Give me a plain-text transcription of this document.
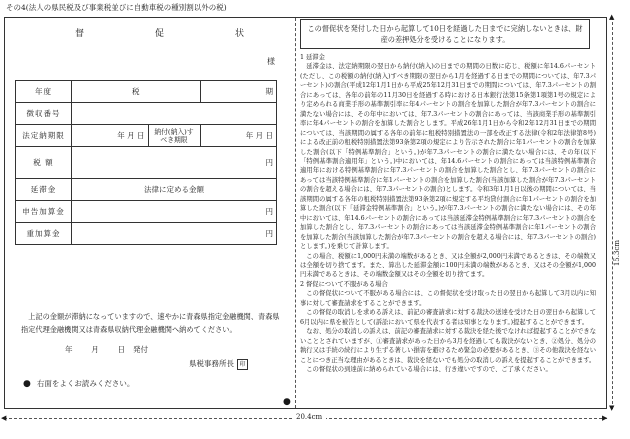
その4(法人の県民税及び事業税並びに自動車税の種別割以外の税)
督	促	状
様
年度	税		期
徴収番号			
法定納期限	年 月 日	納付(納入)すべき期限	年 月 日
税 額	円		
延滞金	法律に定める金額		
申告加算金	円		
重加算金	円		
上記の金額が滞納になっていますので、速やかに青森県指定金融機関、青森県指定代理金融機関又は青森県収納代理金融機関へ納めてください。
年	月	日 発付
県税事務所長 印
● 右面をよくお読みください。
この督促状を発付した日から起算して10日を経過した日までに完納しないときは、財産の差押処分を受けることになります。

1 延滞金

延滞金は、法定納期限の翌日から納付(納入)の日までの期間の日数に応じ、税額に年14.6パーセント(ただし、この税額の納付(納入)すべき期限の翌日から1月を経過する日までの期間については、年7.3パーセント)の割合(平成12年1月1日から平成25年12月31日までの期間については、年7.3パーセントの割合にあっては、各年の前年の11月30日を経過する時における日本銀行法第15条第1項第1号の規定により定められる商業手形の基準割引率に年4パーセントの割合を加算した割合が年7.3パーセントの割合に満たない場合には、その年中においては、年7.3パーセントの割合にあっては、当該商業手形の基準割引率に年4パーセントの割合を加算した割合とします。平成26年1月1日から令和2年12月31日までの期間については、当該期間の属する各年の前年に租税特別措置法の一部を改正する法律(令和2年法律第8号)による改正前の租税特別措置法第93条第2項の規定により告示された割合に年1パーセントの割合を加算した割合(以下「特例基準割合」という。)が年7.3パーセントの割合に満たない場合には、その年(以下「特例基準割合適用年」という。)中においては、年14.6パーセントの割合にあっては当該特例基準割合適用年における特例基準割合に年7.3パーセントの割合を加算した割合とし、年7.3パーセントの割合にあっては当該特例基準割合に年1パーセントの割合を加算した割合(当該加算した割合が年7.3パーセントの割合を超える場合には、年7.3パーセントの割合)とします。令和3年1月1日以後の期間については、当該期間の属する各年の租税特別措置法第93条第2項に規定する平均貸付割合に年1パーセントの割合を加算した割合(以下「延滞金特例基準割合」という。)が年7.3パーセントの割合に満たない場合には、その年中においては、年14.6パーセントの割合にあっては当該延滞金特例基準割合に年7.3パーセントの割合を加算した割合とし、年7.3パーセントの割合にあっては当該延滞金特例基準割合に年1パーセントの割合を加算した割合(当該加算した割合が年7.3パーセントの割合を超える場合には、年7.3パーセントの割合)とします。)を乗じて計算します。

この場合、税額に1,000円未満の端数があるとき、又は全額が2,000円未満であるときは、その端数又は全額を切り捨てます。また、算出した延滞金額に100円未満の端数があるとき、又はその全額が1,000円未満であるときは、その端数金額又はその全額を切り捨てます。

2 督促について不服がある場合

この督促状について不服がある場合には、この督促状を受け取った日の翌日から起算して3月以内に知事に対して審査請求をすることができます。

この督促の取消しを求める訴えは、前記の審査請求に対する裁決の送達を受けた日の翌日から起算して6月以内に県を被告として(訴訟において県を代表する者は知事となります。)提起することができます。

なお、処分の取消しの訴えは、前記の審査請求に対する裁決を経た後でなければ提起することができないこととされていますが、①審査請求があった日から3月を経過しても裁決がないとき、②処分、処分の執行又は手続の続行により生ずる著しい損害を避けるため緊急の必要があるとき、③その他裁決を経ないことにつき正当な理由があるときは、裁決を経ないでも処分の取消しの訴えを提起することができます。

この督促状の到達前に納められている場合には、行き違いですので、ご了承ください。

●
▲
▼
15.3cm
◀	▶
20.4cm
